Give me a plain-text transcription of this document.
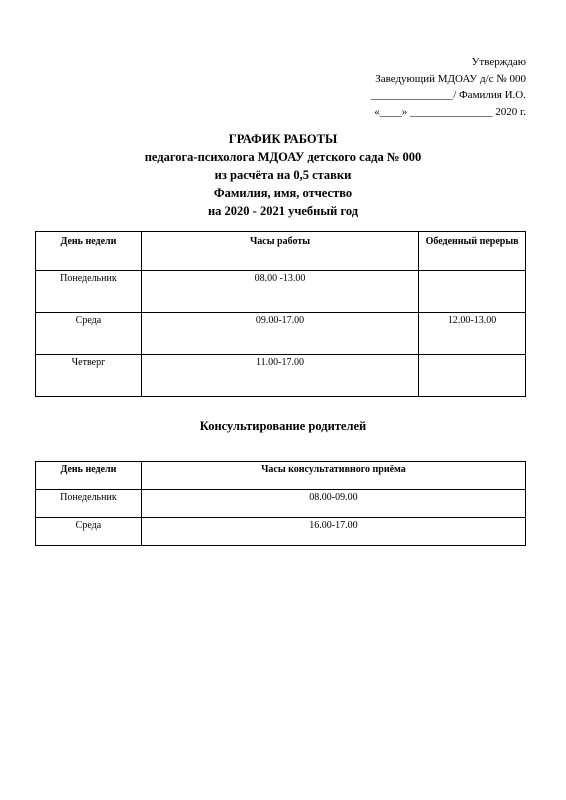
Утверждаю
Заведующий МДОАУ д/с № 000
_______________/ Фамилия И.О.
«____» _______________ 2020 г.
ГРАФИК РАБОТЫ
педагога-психолога МДОАУ детского сада № 000
из расчёта на 0,5 ставки
Фамилия, имя, отчество
на 2020 - 2021 учебный год
День недели	Часы работы	Обеденный перерыв
Понедельник	08.00 -13.00	
Среда	09.00-17.00	12.00-13.00
Четверг	11.00-17.00	
Консультирование родителей
День недели	Часы консультативного приёма
Понедельник	08.00-09.00
Среда	16.00-17.00
